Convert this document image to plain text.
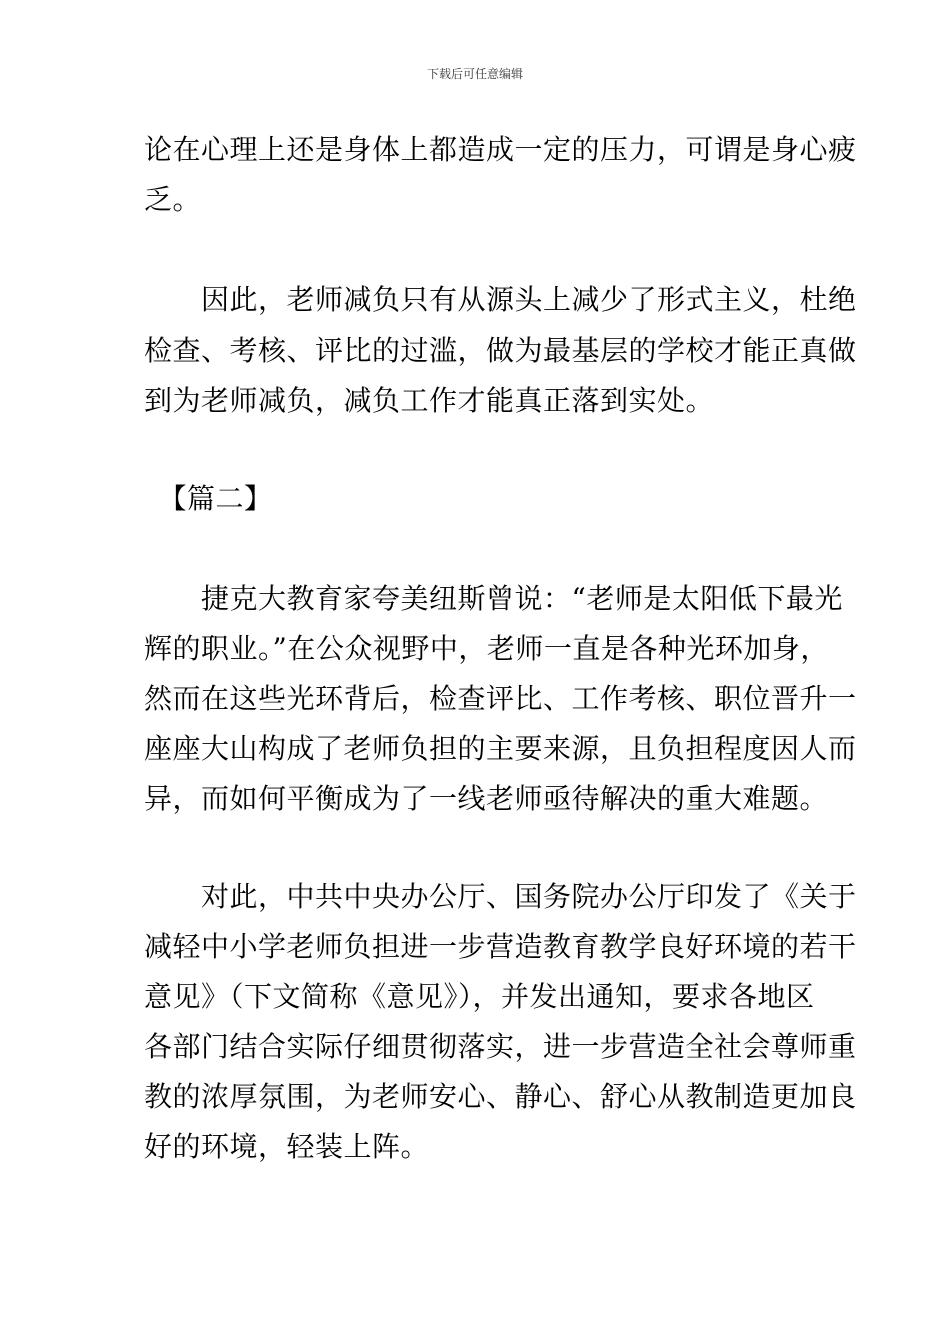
下载后可任意编辑
论在心理上还是身体上都造成一定的压力，可谓是身心疲
乏。
　　因此，老师减负只有从源头上减少了形式主义，杜绝
检查、考核、评比的过滥，做为最基层的学校才能正真做
到为老师减负，减负工作才能真正落到实处。
　【篇二】
　　捷克大教育家夸美纽斯曾说：“老师是太阳低下最光
辉的职业。”在公众视野中，老师一直是各种光环加身，
然而在这些光环背后，检查评比、工作考核、职位晋升一
座座大山构成了老师负担的主要来源，且负担程度因人而
异，而如何平衡成为了一线老师亟待解决的重大难题。
　　对此，中共中央办公厅、国务院办公厅印发了《关于
减轻中小学老师负担进一步营造教育教学良好环境的若干
意见》（下文简称《意见》），并发出通知，要求各地区
各部门结合实际仔细贯彻落实，进一步营造全社会尊师重
教的浓厚氛围，为老师安心、静心、舒心从教制造更加良
好的环境，轻装上阵。
